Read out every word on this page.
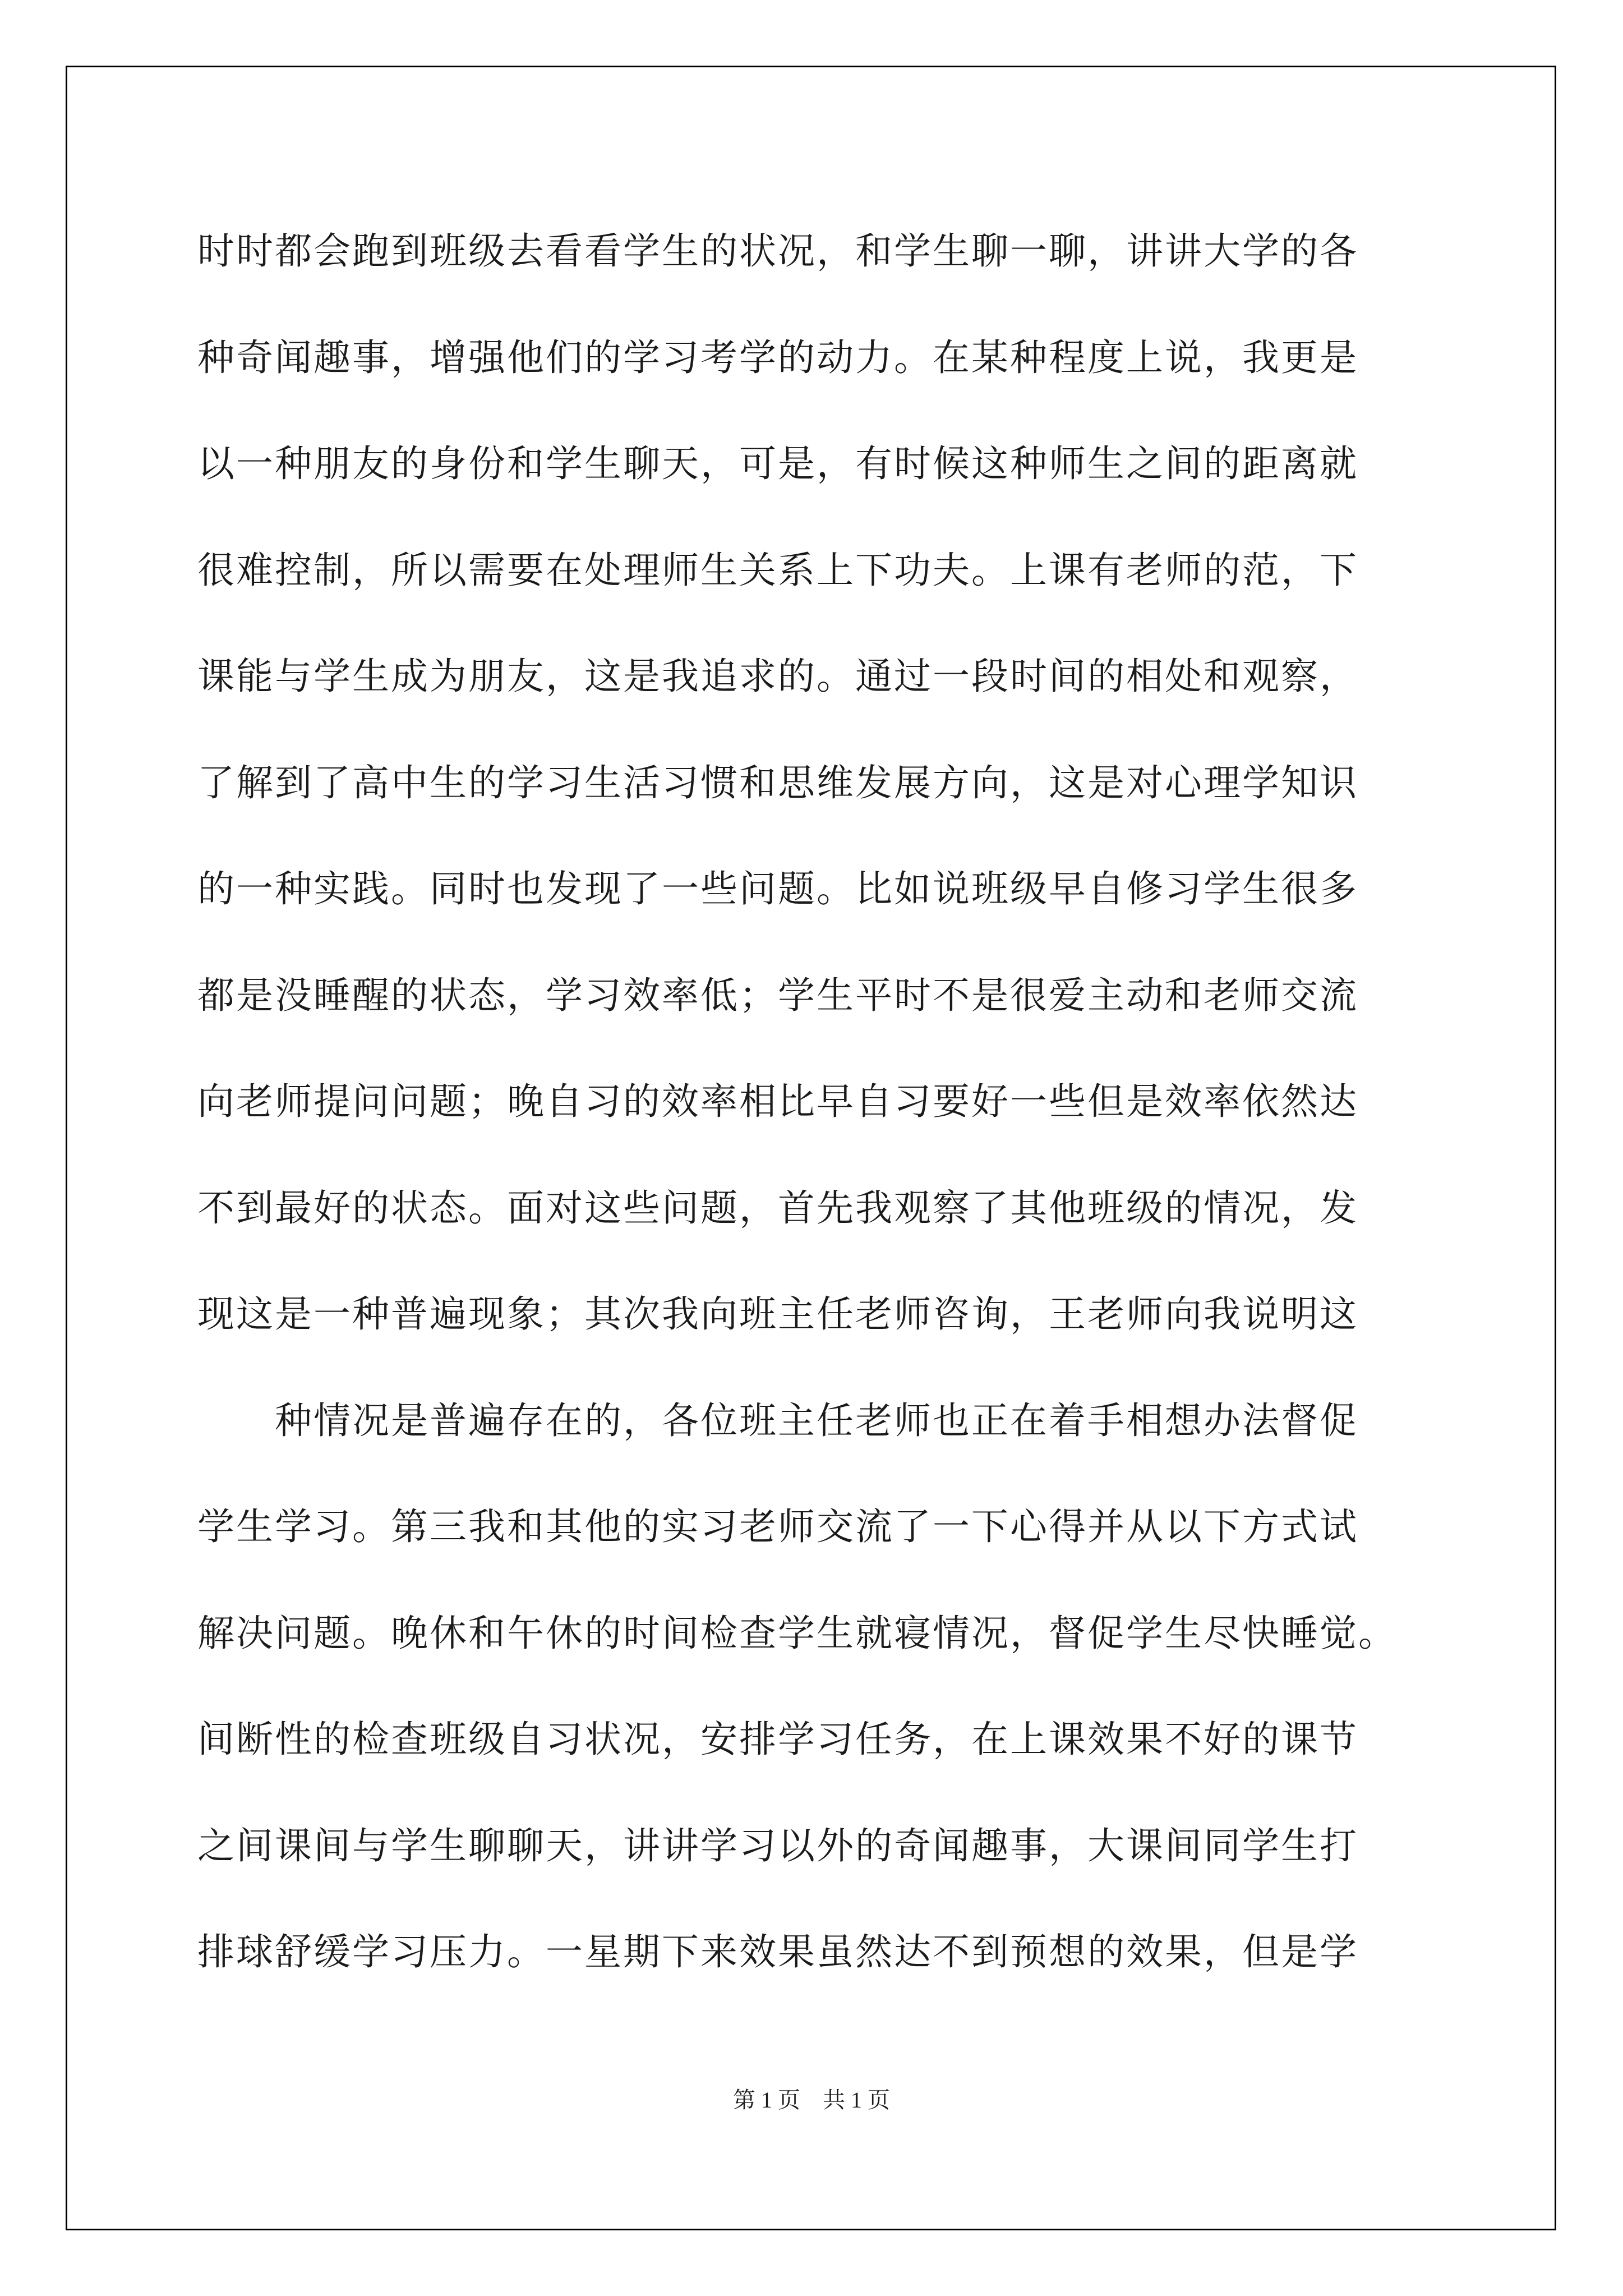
时时都会跑到班级去看看学生的状况，和学生聊一聊，讲讲大学的各
种奇闻趣事，增强他们的学习考学的动力。在某种程度上说，我更是
以一种朋友的身份和学生聊天，可是，有时候这种师生之间的距离就
很难控制，所以需要在处理师生关系上下功夫。上课有老师的范，下
课能与学生成为朋友，这是我追求的。通过一段时间的相处和观察，
了解到了高中生的学习生活习惯和思维发展方向，这是对心理学知识
的一种实践。同时也发现了一些问题。比如说班级早自修习学生很多
都是没睡醒的状态，学习效率低；学生平时不是很爱主动和老师交流
向老师提问问题；晚自习的效率相比早自习要好一些但是效率依然达
不到最好的状态。面对这些问题，首先我观察了其他班级的情况，发
现这是一种普遍现象；其次我向班主任老师咨询，王老师向我说明这
　　种情况是普遍存在的，各位班主任老师也正在着手相想办法督促
学生学习。第三我和其他的实习老师交流了一下心得并从以下方式试
解决问题。晚休和午休的时间检查学生就寝情况，督促学生尽快睡觉。
间断性的检查班级自习状况，安排学习任务，在上课效果不好的课节
之间课间与学生聊聊天，讲讲学习以外的奇闻趣事，大课间同学生打
排球舒缓学习压力。一星期下来效果虽然达不到预想的效果，但是学
第 1 页　共 1 页
